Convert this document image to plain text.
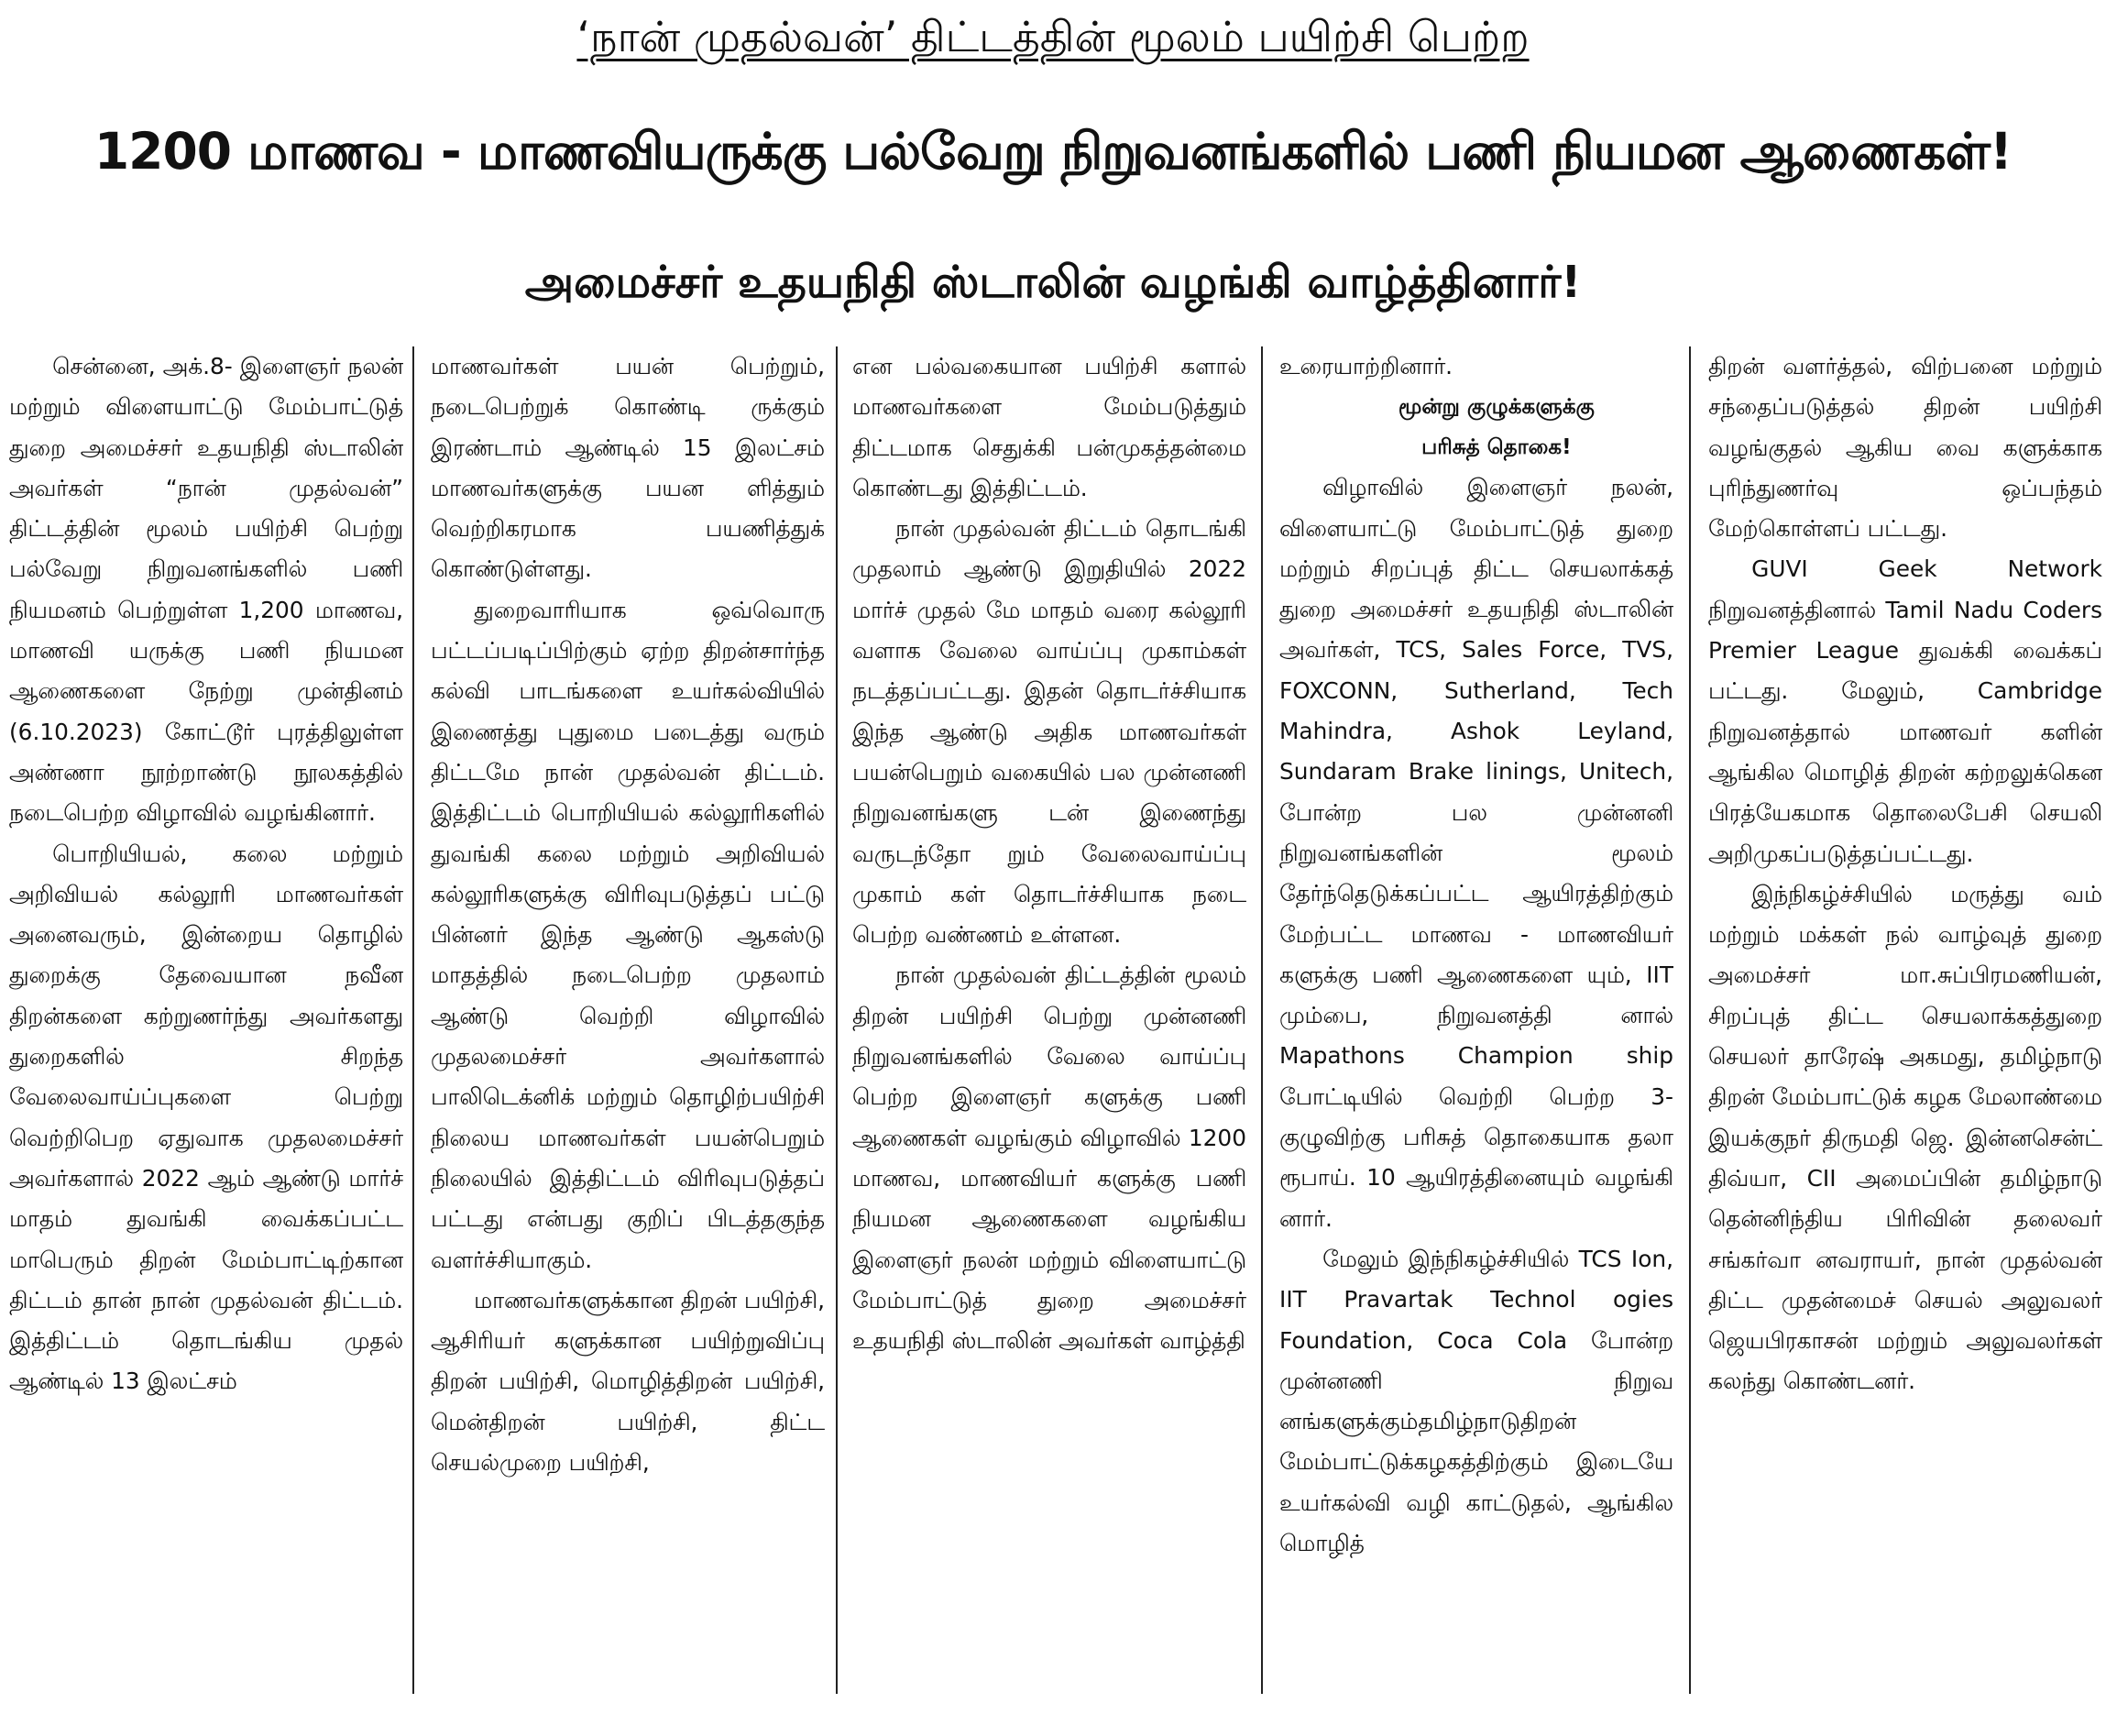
‘நான் முதல்வன்’ திட்டத்தின் மூலம் பயிற்சி பெற்ற
1200 மாணவ - மாணவியருக்கு பல்வேறு நிறுவனங்களில் பணி நியமன ஆணைகள்!
அமைச்சர் உதயநிதி ஸ்டாலின் வழங்கி வாழ்த்தினார்!

சென்னை, அக்.8- இளைஞர் நலன் மற்றும் விளையாட்டு மேம்பாட்டுத் துறை அமைச்சர் உதயநிதி ஸ்டாலின் அவர்கள் “நான் முதல்வன்” திட்டத்தின் மூலம் பயிற்சி பெற்று பல்வேறு நிறுவனங்களில் பணி நியமனம் பெற்றுள்ள 1,200 மாணவ, மாணவி யருக்கு பணி நியமன ஆணைகளை நேற்று முன்தினம் (6.10.2023) கோட்டூர் புரத்திலுள்ள அண்ணா நூற்றாண்டு நூலகத்தில் நடைபெற்ற விழாவில் வழங்கினார்.

பொறியியல், கலை மற்றும் அறிவியல் கல்லூரி மாணவர்கள் அனைவரும், இன்றைய தொழில் துறைக்கு தேவையான நவீன திறன்களை கற்றுணர்ந்து அவர்களது துறைகளில் சிறந்த வேலைவாய்ப்புகளை பெற்று வெற்றிபெற ஏதுவாக முதலமைச்சர் அவர்களால் 2022 ஆம் ஆண்டு மார்ச் மாதம் துவங்கி வைக்கப்பட்ட மாபெரும் திறன் மேம்பாட்டிற்கான திட்டம் தான் நான் முதல்வன் திட்டம். இத்திட்டம் தொடங்கிய முதல் ஆண்டில் 13 இலட்சம்

மாணவர்கள் பயன் பெற்றும், நடைபெற்றுக் கொண்டி ருக்கும் இரண்டாம் ஆண்டில் 15 இலட்சம் மாணவர்களுக்கு பயன ளித்தும் வெற்றிகரமாக பயணித்துக் கொண்டுள்ளது.

துறைவாரியாக ஒவ்வொரு பட்டப்படிப்பிற்கும் ஏற்ற திறன்சார்ந்த கல்வி பாடங்களை உயர்கல்வியில் இணைத்து புதுமை படைத்து வரும் திட்டமே நான் முதல்வன் திட்டம். இத்திட்டம் பொறியியல் கல்லூரிகளில் துவங்கி கலை மற்றும் அறிவியல் கல்லூரிகளுக்கு விரிவுபடுத்தப் பட்டு பின்னர் இந்த ஆண்டு ஆகஸ்டு மாதத்தில் நடைபெற்ற முதலாம் ஆண்டு வெற்றி விழாவில் முதலமைச்சர் அவர்களால் பாலிடெக்னிக் மற்றும் தொழிற்பயிற்சி நிலைய மாணவர்கள் பயன்பெறும் நிலையில் இத்திட்டம் விரிவுபடுத்தப் பட்டது என்பது குறிப் பிடத்தகுந்த வளர்ச்சியாகும்.

மாணவர்களுக்கான திறன் பயிற்சி, ஆசிரியர் களுக்கான பயிற்றுவிப்பு திறன் பயிற்சி, மொழித்திறன் பயிற்சி, மென்திறன் பயிற்சி, திட்ட செயல்முறை பயிற்சி,

என பல்வகையான பயிற்சி களால் மாணவர்களை மேம்படுத்தும் திட்டமாக செதுக்கி பன்முகத்தன்மை கொண்டது இத்திட்டம்.

நான் முதல்வன் திட்டம் தொடங்கி முதலாம் ஆண்டு இறுதியில் 2022 மார்ச் முதல் மே மாதம் வரை கல்லூரி வளாக வேலை வாய்ப்பு முகாம்கள் நடத்தப்பட்டது. இதன் தொடர்ச்சியாக இந்த ஆண்டு அதிக மாணவர்கள் பயன்பெறும் வகையில் பல முன்னணி நிறுவனங்களு டன் இணைந்து வருடந்தோ றும் வேலைவாய்ப்பு முகாம் கள் தொடர்ச்சியாக நடை பெற்ற வண்ணம் உள்ளன.

நான் முதல்வன் திட்டத்தின் மூலம் திறன் பயிற்சி பெற்று முன்னணி நிறுவனங்களில் வேலை வாய்ப்பு பெற்ற இளைஞர் களுக்கு பணி ஆணைகள் வழங்கும் விழாவில் 1200 மாணவ, மாணவியர் களுக்கு பணி நியமன ஆணைகளை வழங்கிய இளைஞர் நலன் மற்றும் விளையாட்டு மேம்பாட்டுத் துறை அமைச்சர் உதயநிதி ஸ்டாலின் அவர்கள் வாழ்த்தி

உரையாற்றினார்.

மூன்று குழுக்களுக்கு

பரிசுத் தொகை!

விழாவில் இளைஞர் நலன், விளையாட்டு மேம்பாட்டுத் துறை மற்றும் சிறப்புத் திட்ட செயலாக்கத் துறை அமைச்சர் உதயநிதி ஸ்டாலின் அவர்கள், TCS, Sales Force, TVS, FOXCONN, Sutherland, Tech Mahindra, Ashok Leyland, Sundaram Brake linings, Unitech, போன்ற பல முன்னனி நிறுவனங்களின் மூலம் தேர்ந்தெடுக்கப்பட்ட ஆயிரத்திற்கும் மேற்பட்ட மாணவ - மாணவியர் களுக்கு பணி ஆணைகளை யும், IIT மும்பை, நிறுவனத்தி னால் Mapathons Champion ship போட்டியில் வெற்றி பெற்ற 3-குழுவிற்கு பரிசுத் தொகையாக தலா ரூபாய். 10 ஆயிரத்தினையும் வழங்கி னார்.

மேலும் இந்நிகழ்ச்சியில் TCS Ion, IIT Pravartak Technol ogies Foundation, Coca Cola போன்ற முன்னணி நிறுவ னங்களுக்கும்தமிழ்நாடுதிறன் மேம்பாட்டுக்கழகத்திற்கும் இடையே உயர்கல்வி வழி காட்டுதல், ஆங்கில மொழித்

திறன் வளர்த்தல், விற்பனை மற்றும் சந்தைப்படுத்தல் திறன் பயிற்சி வழங்குதல் ஆகிய வை களுக்காக புரிந்துணர்வு ஒப்பந்தம் மேற்கொள்ளப் பட்டது.

GUVI Geek Network நிறுவனத்தினால் Tamil Nadu Coders Premier League துவக்கி வைக்கப் பட்டது. மேலும், Cambridge நிறுவனத்தால் மாணவர் களின் ஆங்கில மொழித் திறன் கற்றலுக்கென பிரத்யேகமாக தொலைபேசி செயலி அறிமுகப்படுத்தப்பட்டது.

இந்நிகழ்ச்சியில் மருத்து வம் மற்றும் மக்கள் நல் வாழ்வுத் துறை அமைச்சர் மா.சுப்பிரமணியன், சிறப்புத் திட்ட செயலாக்கத்துறை செயலர் தாரேஷ் அகமது, தமிழ்நாடு திறன் மேம்பாட்டுக் கழக மேலாண்மை இயக்குநர் திருமதி ஜெ. இன்னசென்ட் திவ்யா, CII அமைப்பின் தமிழ்நாடு தென்னிந்திய பிரிவின் தலைவர் சங்கர்வா னவராயர், நான் முதல்வன் திட்ட முதன்மைச் செயல் அலுவலர் ஜெயபிரகாசன் மற்றும் அலுவலர்கள் கலந்து கொண்டனர்.
